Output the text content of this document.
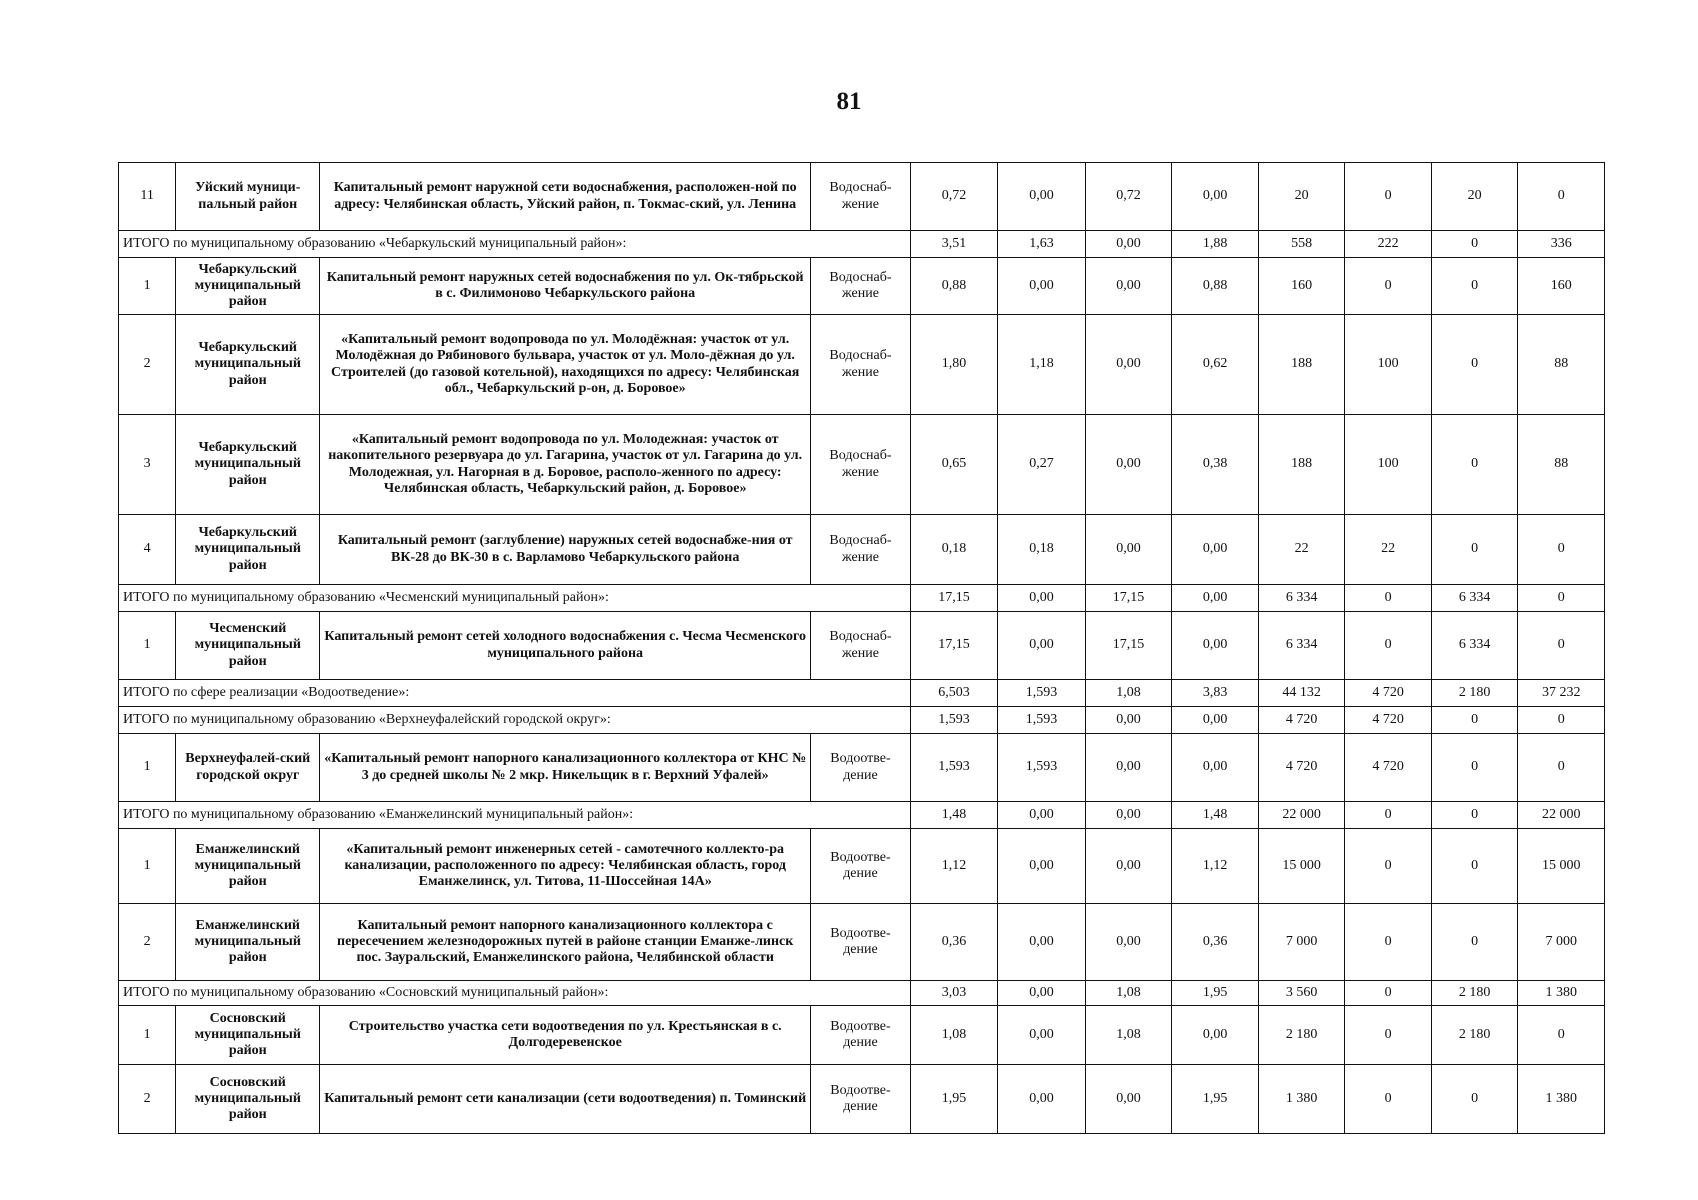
81
11	Уйский муници-пальный район	Капитальный ремонт наружной сети водоснабжения, расположен-ной по адресу: Челябинская область, Уйский район, п. Токмас-ский, ул. Ленина	Водоснаб-жение	0,72	0,00	0,72	0,00	20	0	20	0
ИТОГО по муниципальному образованию «Чебаркульский муниципальный район»:				3,51	1,63	0,00	1,88	558	222	0	336
1	Чебаркульский муниципальный район	Капитальный ремонт наружных сетей водоснабжения по ул. Ок-тябрьской в с. Филимоново Чебаркульского района	Водоснаб-жение	0,88	0,00	0,00	0,88	160	0	0	160
2	Чебаркульский муниципальный район	«Капитальный ремонт водопровода по ул. Молодёжная: участок от ул. Молодёжная до Рябинового бульвара, участок от ул. Моло-дёжная до ул. Строителей (до газовой котельной), находящихся по адресу: Челябинская обл., Чебаркульский р-он, д. Боровое»	Водоснаб-жение	1,80	1,18	0,00	0,62	188	100	0	88
3	Чебаркульский муниципальный район	«Капитальный ремонт водопровода по ул. Молодежная: участок от накопительного резервуара до ул. Гагарина, участок от ул. Гагарина до ул. Молодежная, ул. Нагорная в д. Боровое, располо-женного по адресу: Челябинская область, Чебаркульский район, д. Боровое»	Водоснаб-жение	0,65	0,27	0,00	0,38	188	100	0	88
4	Чебаркульский муниципальный район	Капитальный ремонт (заглубление) наружных сетей водоснабже-ния от ВК-28 до ВК-30 в с. Варламово Чебаркульского района	Водоснаб-жение	0,18	0,18	0,00	0,00	22	22	0	0
ИТОГО по муниципальному образованию «Чесменский муниципальный район»:				17,15	0,00	17,15	0,00	6 334	0	6 334	0
1	Чесменский муниципальный район	Капитальный ремонт сетей холодного водоснабжения с. Чесма Чесменского муниципального района	Водоснаб-жение	17,15	0,00	17,15	0,00	6 334	0	6 334	0
ИТОГО по сфере реализации «Водоотведение»:				6,503	1,593	1,08	3,83	44 132	4 720	2 180	37 232
ИТОГО по муниципальному образованию «Верхнеуфалейский городской округ»:				1,593	1,593	0,00	0,00	4 720	4 720	0	0
1	Верхнеуфалей-ский городской округ	«Капитальный ремонт напорного канализационного коллектора от КНС № 3 до средней школы № 2 мкр. Никельщик в г. Верхний Уфалей»	Водоотве-дение	1,593	1,593	0,00	0,00	4 720	4 720	0	0
ИТОГО по муниципальному образованию «Еманжелинский муниципальный район»:				1,48	0,00	0,00	1,48	22 000	0	0	22 000
1	Еманжелинский муниципальный район	«Капитальный ремонт инженерных сетей - самотечного коллекто-ра канализации, расположенного по адресу: Челябинская область, город Еманжелинск, ул. Титова, 11-Шоссейная 14А»	Водоотве-дение	1,12	0,00	0,00	1,12	15 000	0	0	15 000
2	Еманжелинский муниципальный район	Капитальный ремонт напорного канализационного коллектора с пересечением железнодорожных путей в районе станции Еманже-линск пос. Зауральский, Еманжелинского района, Челябинской области	Водоотве-дение	0,36	0,00	0,00	0,36	7 000	0	0	7 000
ИТОГО по муниципальному образованию «Сосновский муниципальный район»:				3,03	0,00	1,08	1,95	3 560	0	2 180	1 380
1	Сосновский муниципальный район	Строительство участка сети водоотведения по ул. Крестьянская в с. Долгодеревенское	Водоотве-дение	1,08	0,00	1,08	0,00	2 180	0	2 180	0
2	Сосновский муниципальный район	Капитальный ремонт сети канализации (сети водоотведения) п. Томинский	Водоотве-дение	1,95	0,00	0,00	1,95	1 380	0	0	1 380
